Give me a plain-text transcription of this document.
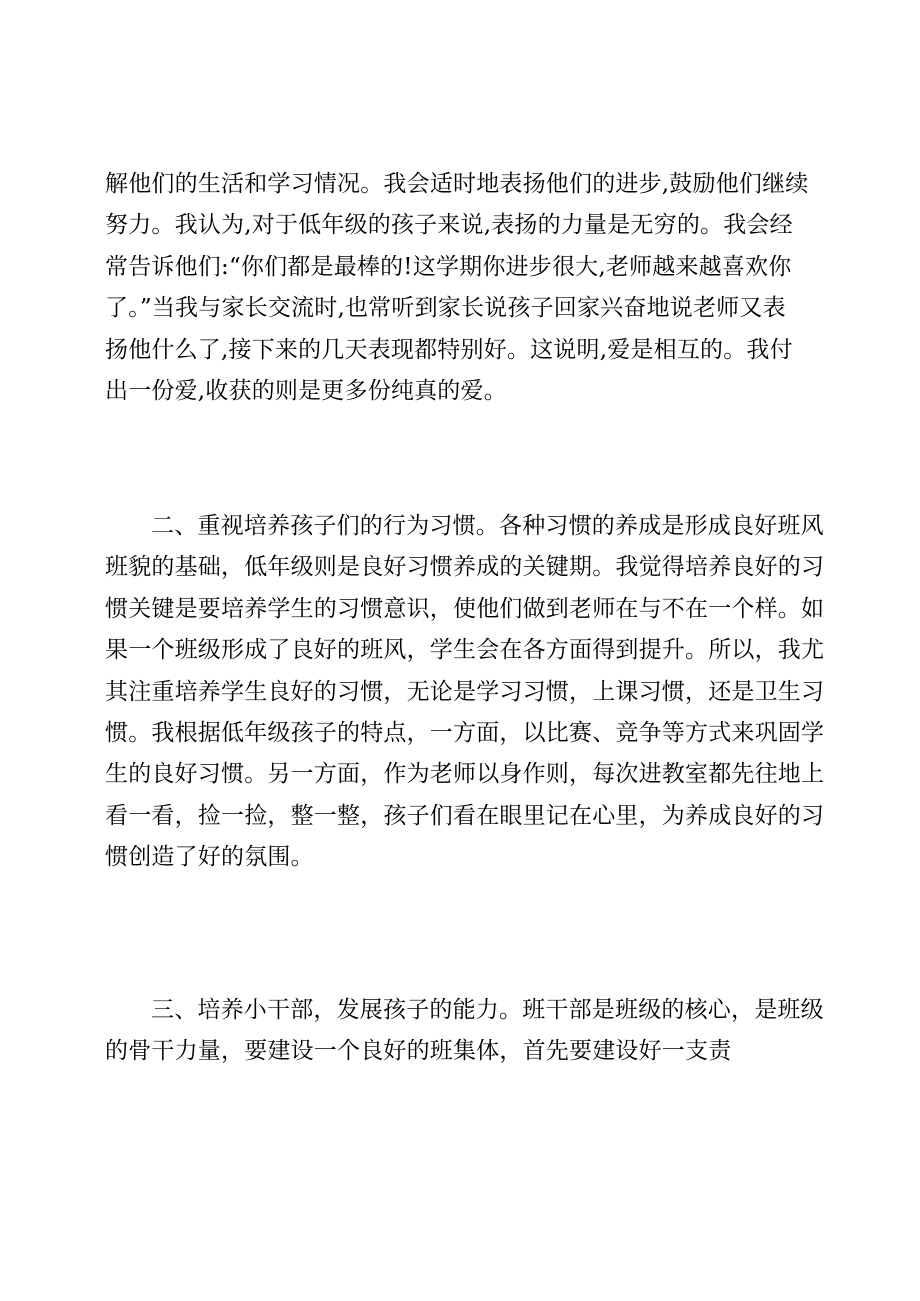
解他们的生活和学习情况。我会适时地表扬他们的进步,鼓励他们继续
努力。我认为,对于低年级的孩子来说,表扬的力量是无穷的。我会经
常告诉他们:“你们都是最棒的!这学期你进步很大,老师越来越喜欢你
了。”当我与家长交流时,也常听到家长说孩子回家兴奋地说老师又表
扬他什么了,接下来的几天表现都特别好。这说明,爱是相互的。我付
出一份爱,收获的则是更多份纯真的爱。
二、重视培养孩子们的行为习惯。各种习惯的养成是形成良好班风
班貌的基础，低年级则是良好习惯养成的关键期。我觉得培养良好的习
惯关键是要培养学生的习惯意识，使他们做到老师在与不在一个样。如
果一个班级形成了良好的班风，学生会在各方面得到提升。所以，我尤
其注重培养学生良好的习惯，无论是学习习惯，上课习惯，还是卫生习
惯。我根据低年级孩子的特点，一方面，以比赛、竞争等方式来巩固学
生的良好习惯。另一方面，作为老师以身作则，每次进教室都先往地上
看一看，捡一捡，整一整，孩子们看在眼里记在心里，为养成良好的习
惯创造了好的氛围。
三、培养小干部，发展孩子的能力。班干部是班级的核心，是班级
的骨干力量，要建设一个良好的班集体，首先要建设好一支责
